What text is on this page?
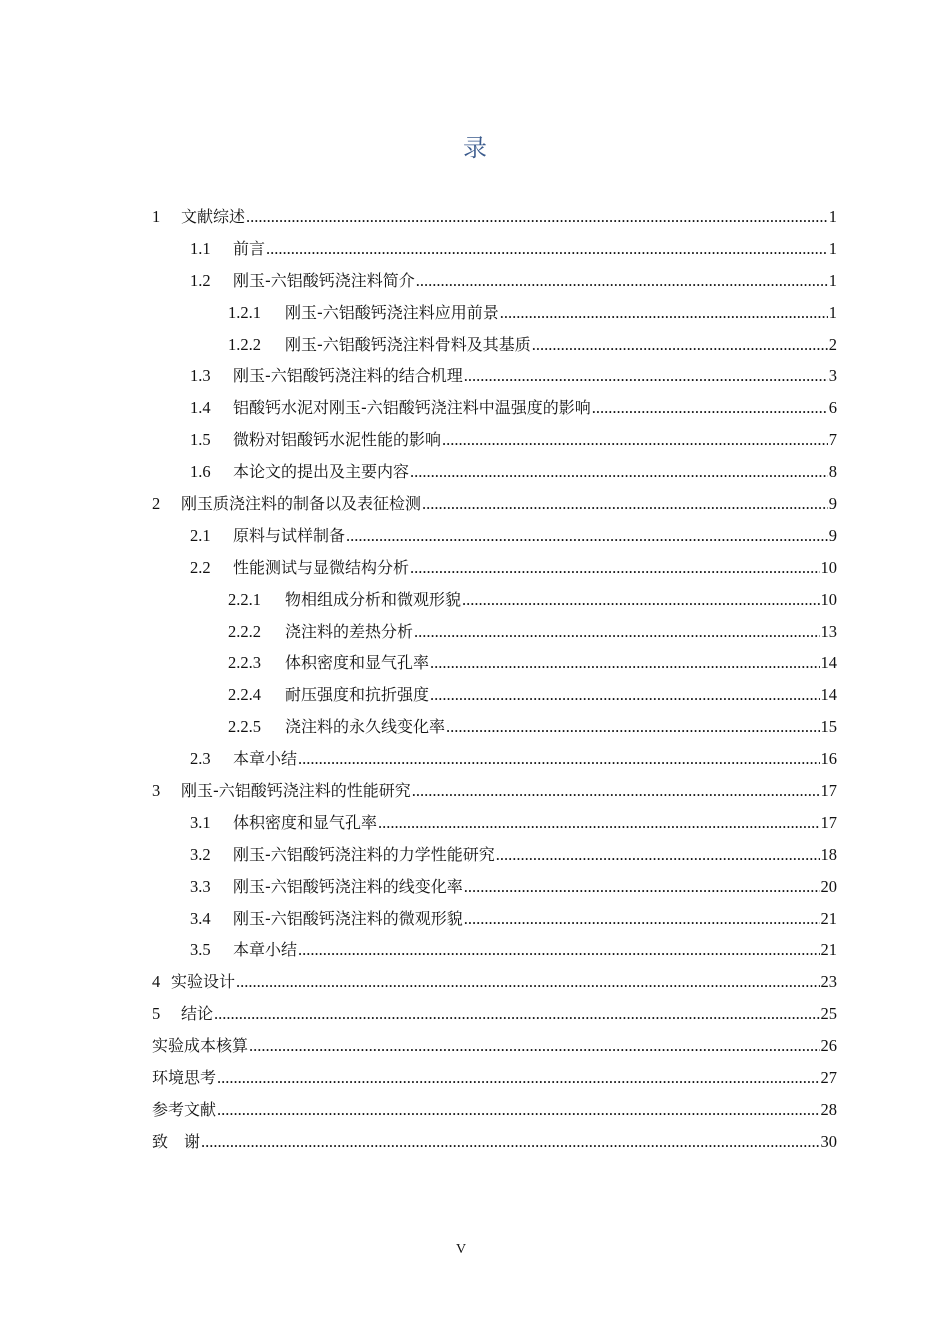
录
1	文献综述 .....	1
1.1	前言 .....	1
1.2	刚玉-六铝酸钙浇注料简介 .....	1
1.2.1	刚玉-六铝酸钙浇注料应用前景 .....	1
1.2.2	刚玉-六铝酸钙浇注料骨料及其基质 .....	2
1.3	刚玉-六铝酸钙浇注料的结合机理 .....	3
1.4	铝酸钙水泥对刚玉-六铝酸钙浇注料中温强度的影响 .....	6
1.5	微粉对铝酸钙水泥性能的影响 .....	7
1.6	本论文的提出及主要内容 .....	8
2	刚玉质浇注料的制备以及表征检测 .....	9
2.1	原料与试样制备 .....	9
2.2	性能测试与显微结构分析 .....	10
2.2.1	物相组成分析和微观形貌 .....	10
2.2.2	浇注料的差热分析 .....	13
2.2.3	体积密度和显气孔率 .....	14
2.2.4	耐压强度和抗折强度 .....	14
2.2.5	浇注料的永久线变化率 .....	15
2.3	本章小结 .....	16
3	刚玉-六铝酸钙浇注料的性能研究 .....	17
3.1	体积密度和显气孔率 .....	17
3.2	刚玉-六铝酸钙浇注料的力学性能研究 .....	18
3.3	刚玉-六铝酸钙浇注料的线变化率 .....	20
3.4	刚玉-六铝酸钙浇注料的微观形貌 .....	21
3.5	本章小结 .....	21
4 实验设计 .....	23
5	结论 .....	25
实验成本核算 .....	26
环境思考 .....	27
参考文献 .....	28
致　谢 .....	30
V
